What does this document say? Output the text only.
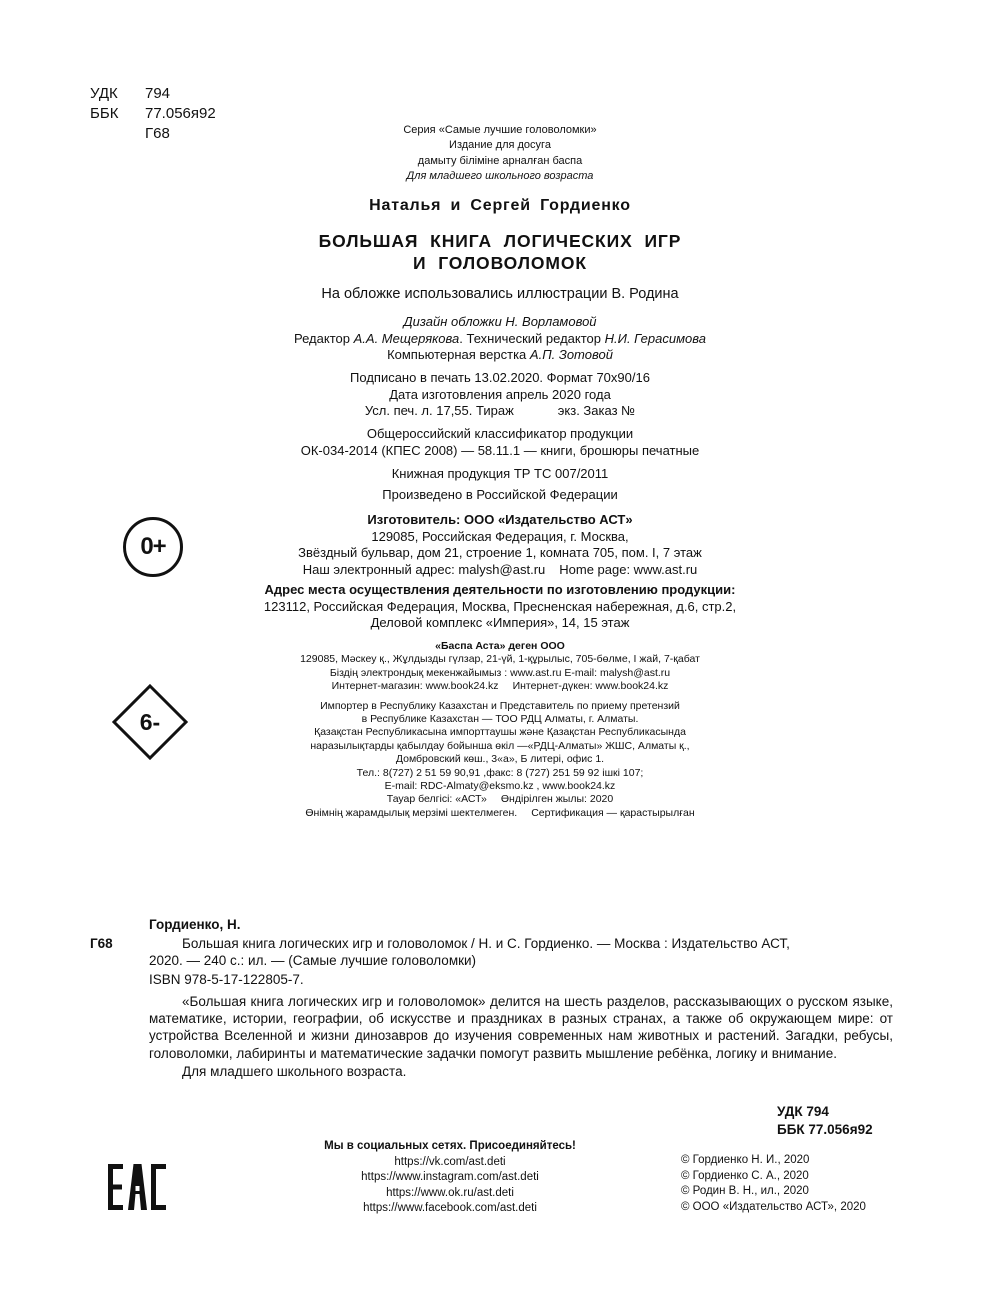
УДК 794
ББК 77.056я92
Г68	Серия «Самые лучшие головоломки»
Издание для досуга
дамыту біліміне арналған баспа
Для младшего школьного возраста
Наталья и Сергей Гордиенко
БОЛЬШАЯ КНИГА ЛОГИЧЕСКИХ ИГР
И ГОЛОВОЛОМОК
На обложке использовались иллюстрации В. Родина
Дизайн обложки Н. Ворламовой
Редактор А.А. Мещерякова. Технический редактор Н.И. Герасимова
Компьютерная верстка А.П. Зотовой
Подписано в печать 13.02.2020. Формат 70x90/16
Дата изготовления апрель 2020 года
Усл. печ. л. 17,55. Тираж	экз. Заказ №
Общероссийский классификатор продукции
ОК-034-2014 (КПЕС 2008) — 58.11.1 — книги, брошюры печатные
Книжная продукция ТР ТС 007/2011
Произведено в Российской Федерации
Изготовитель: ООО «Издательство АСТ»
129085, Российская Федерация, г. Москва,
Звёздный бульвар, дом 21, строение 1, комната 705, пом. I, 7 этаж
Наш электронный адрес: malysh@ast.ru Home page: www.ast.ru
Адрес места осуществления деятельности по изготовлению продукции:
123112, Российская Федерация, Москва, Пресненская набережная, д.6, стр.2,
Деловой комплекс «Империя», 14, 15 этаж
«Баспа Аста» деген ООО
129085, Мәскеу қ., Жұлдызды гүлзар, 21-үй, 1-құрылыс, 705-бөлме, I жай, 7-қабат
Біздің электрондық мекенжайымыз : www.ast.ru E-mail: malysh@ast.ru
Интернет-магазин: www.book24.kz Интернет-дүкен: www.book24.kz
Импортер в Республику Казахстан и Представитель по приему претензий
в Республике Казахстан — ТОО РДЦ Алматы, г. Алматы.
Қазақстан Республикасына импорттаушы және Қазақстан Республикасында
наразылықтарды қабылдау бойынша өкіл —«РДЦ-Алматы» ЖШС, Алматы қ.,
Домбровский көш., 3«а», Б литері, офис 1.
Тел.: 8(727) 2 51 59 90,91 ,факс: 8 (727) 251 59 92 ішкі 107;
E-mail: RDC-Almaty@eksmo.kz , www.book24.kz
Тауар белгісі: «АСТ» Өндірілген жылы: 2020
Өнімнің жарамдылық мерзімі шектелмеген. Сертификация — қарастырылған
0+
6-
Гордиенко, Н.
Г68	Большая книга логических игр и головоломок / Н. и С. Гордиенко. — Москва : Издательство АСТ,
2020. — 240 с.: ил. — (Самые лучшие головоломки)
ISBN 978-5-17-122805-7.

«Большая книга логических игр и головоломок» делится на шесть разделов, рассказывающих о русском языке, математике, истории, географии, об искусстве и праздниках в разных странах, а также об окружающем мире: от устройства Вселенной и жизни динозавров до изучения современных нам животных и растений. Загадки, ребусы, головоломки, лабиринты и математические задачки помогут развить мышление ребёнка, логику и внимание.

Для младшего школьного возраста.

УДК 794
ББК 77.056я92
Мы в социальных сетях. Присоединяйтесь!
https://vk.com/ast.deti
https://www.instagram.com/ast.deti
https://www.ok.ru/ast.deti
https://www.facebook.com/ast.deti
© Гордиенко Н. И., 2020
© Гордиенко С. А., 2020
© Родин В. Н., ил., 2020
© ООО «Издательство АСТ», 2020
